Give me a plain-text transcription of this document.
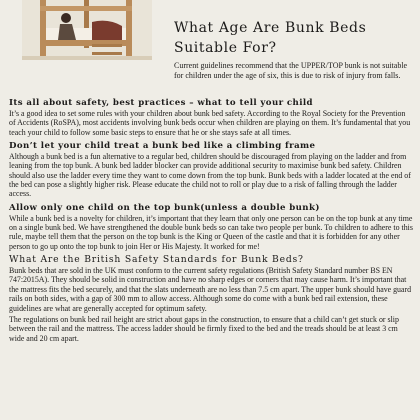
What Age Are Bunk Beds
Suitable For?

Current guidelines recommend that the UPPER/TOP bunk is not suitable for children under the age of six, this is due to risk of injury from falls.

Its all about safety, best practices – what to tell your child

It’s a good idea to set some rules with your children about bunk bed safety. According to the Royal Society for the Prevention of Accidents (RoSPA), most accidents involving bunk beds occur when children are playing on them. It’s fundamental that you teach your child to follow some basic steps to ensure that he or she stays safe at all times.

Don’t let your child treat a bunk bed like a climbing frame

Although a bunk bed is a fun alternative to a regular bed, children should be discouraged from playing on the ladder and from leaning from the top bunk. A bunk bed ladder blocker can provide additional security to maximise bunk bed safety. Children should also use the ladder every time they want to come down from the top bunk. Bunk beds with a ladder located at the end of the bed can pose a slightly higher risk. Please educate the child not to roll or play due to a risk of falling through the ladder access.

Allow only one child on the top bunk(unless a double bunk)

While a bunk bed is a novelty for children, it’s important that they learn that only one person can be on the top bunk at any time on a single bunk bed. We have strengthened the double bunk beds so can take two people per bunk. To children to adhere to this rule, maybe tell them that the person on the top bunk is the King or Queen of the castle and that it is forbidden for any other person to go up onto the top bunk to join Her or His Majesty. It worked for me!

What Are the British Safety Standards for Bunk Beds?

Bunk beds that are sold in the UK must conform to the current safety regulations (British Safety Standard number BS EN 747:2015A). They should be solid in construction and have no sharp edges or corners that may cause harm. It’s important that the mattress fits the bed securely, and that the slats underneath are no less than 7.5 cm apart. The upper bunk should have guard rails on both sides, with a gap of 300 mm to allow access. Although some do come with a bunk bed rail extension, these guidelines are what are generally accepted for optimum safety.

The regulations on bunk bed rail height are strict about gaps in the construction, to ensure that a child can’t get stuck or slip between the rail and the mattress. The access ladder should be firmly fixed to the bed and the treads should be at least 3 cm wide and 20 cm apart.
